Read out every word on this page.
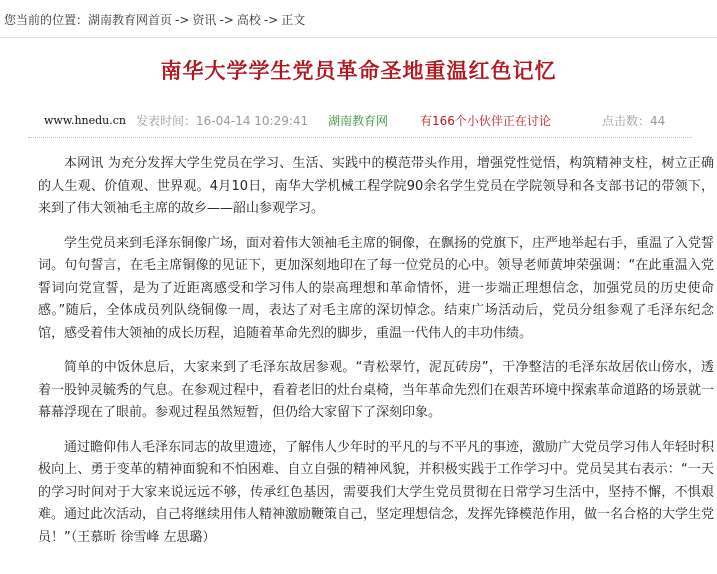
您当前的位置：湖南教育网首页 -> 资讯 -> 高校 -> 正文
南华大学学生党员革命圣地重温红色记忆
www.hnedu.cn 发表时间：16-04-14 10:29:41 湖南教育网	有166个小伙伴正在讨论	点击数：44

本网讯 为充分发挥大学生党员在学习、生活、实践中的模范带头作用，增强党性觉悟，构筑精神支柱，树立正确的人生观、价值观、世界观。4月10日，南华大学机械工程学院90余名学生党员在学院领导和各支部书记的带领下，来到了伟大领袖毛主席的故乡——韶山参观学习。

学生党员来到毛泽东铜像广场，面对着伟大领袖毛主席的铜像，在飘扬的党旗下，庄严地举起右手，重温了入党誓词。句句誓言，在毛主席铜像的见证下，更加深刻地印在了每一位党员的心中。领导老师黄坤荣强调：“在此重温入党誓词向党宣誓，是为了近距离感受和学习伟人的崇高理想和革命情怀，进一步端正理想信念，加强党员的历史使命感。”随后，全体成员列队绕铜像一周，表达了对毛主席的深切悼念。结束广场活动后，党员分组参观了毛泽东纪念馆，感受着伟大领袖的成长历程，追随着革命先烈的脚步，重温一代伟人的丰功伟绩。

简单的中饭休息后，大家来到了毛泽东故居参观。“青松翠竹，泥瓦砖房”，干净整洁的毛泽东故居依山傍水，透着一股钟灵毓秀的气息。在参观过程中，看着老旧的灶台桌椅，当年革命先烈们在艰苦环境中探索革命道路的场景就一幕幕浮现在了眼前。参观过程虽然短暂，但仍给大家留下了深刻印象。

通过瞻仰伟人毛泽东同志的故里遗迹，了解伟人少年时的平凡的与不平凡的事迹，激励广大党员学习伟人年轻时积极向上、勇于变革的精神面貌和不怕困难、自立自强的精神风貌，并积极实践于工作学习中。党员吴其右表示：“一天的学习时间对于大家来说远远不够，传承红色基因，需要我们大学生党员贯彻在日常学习生活中，坚持不懈，不惧艰难。通过此次活动，自己将继续用伟人精神激励鞭策自己，坚定理想信念，发挥先锋模范作用，做一名合格的大学生党员！”（王慕昕 徐雪峰 左思璐）
